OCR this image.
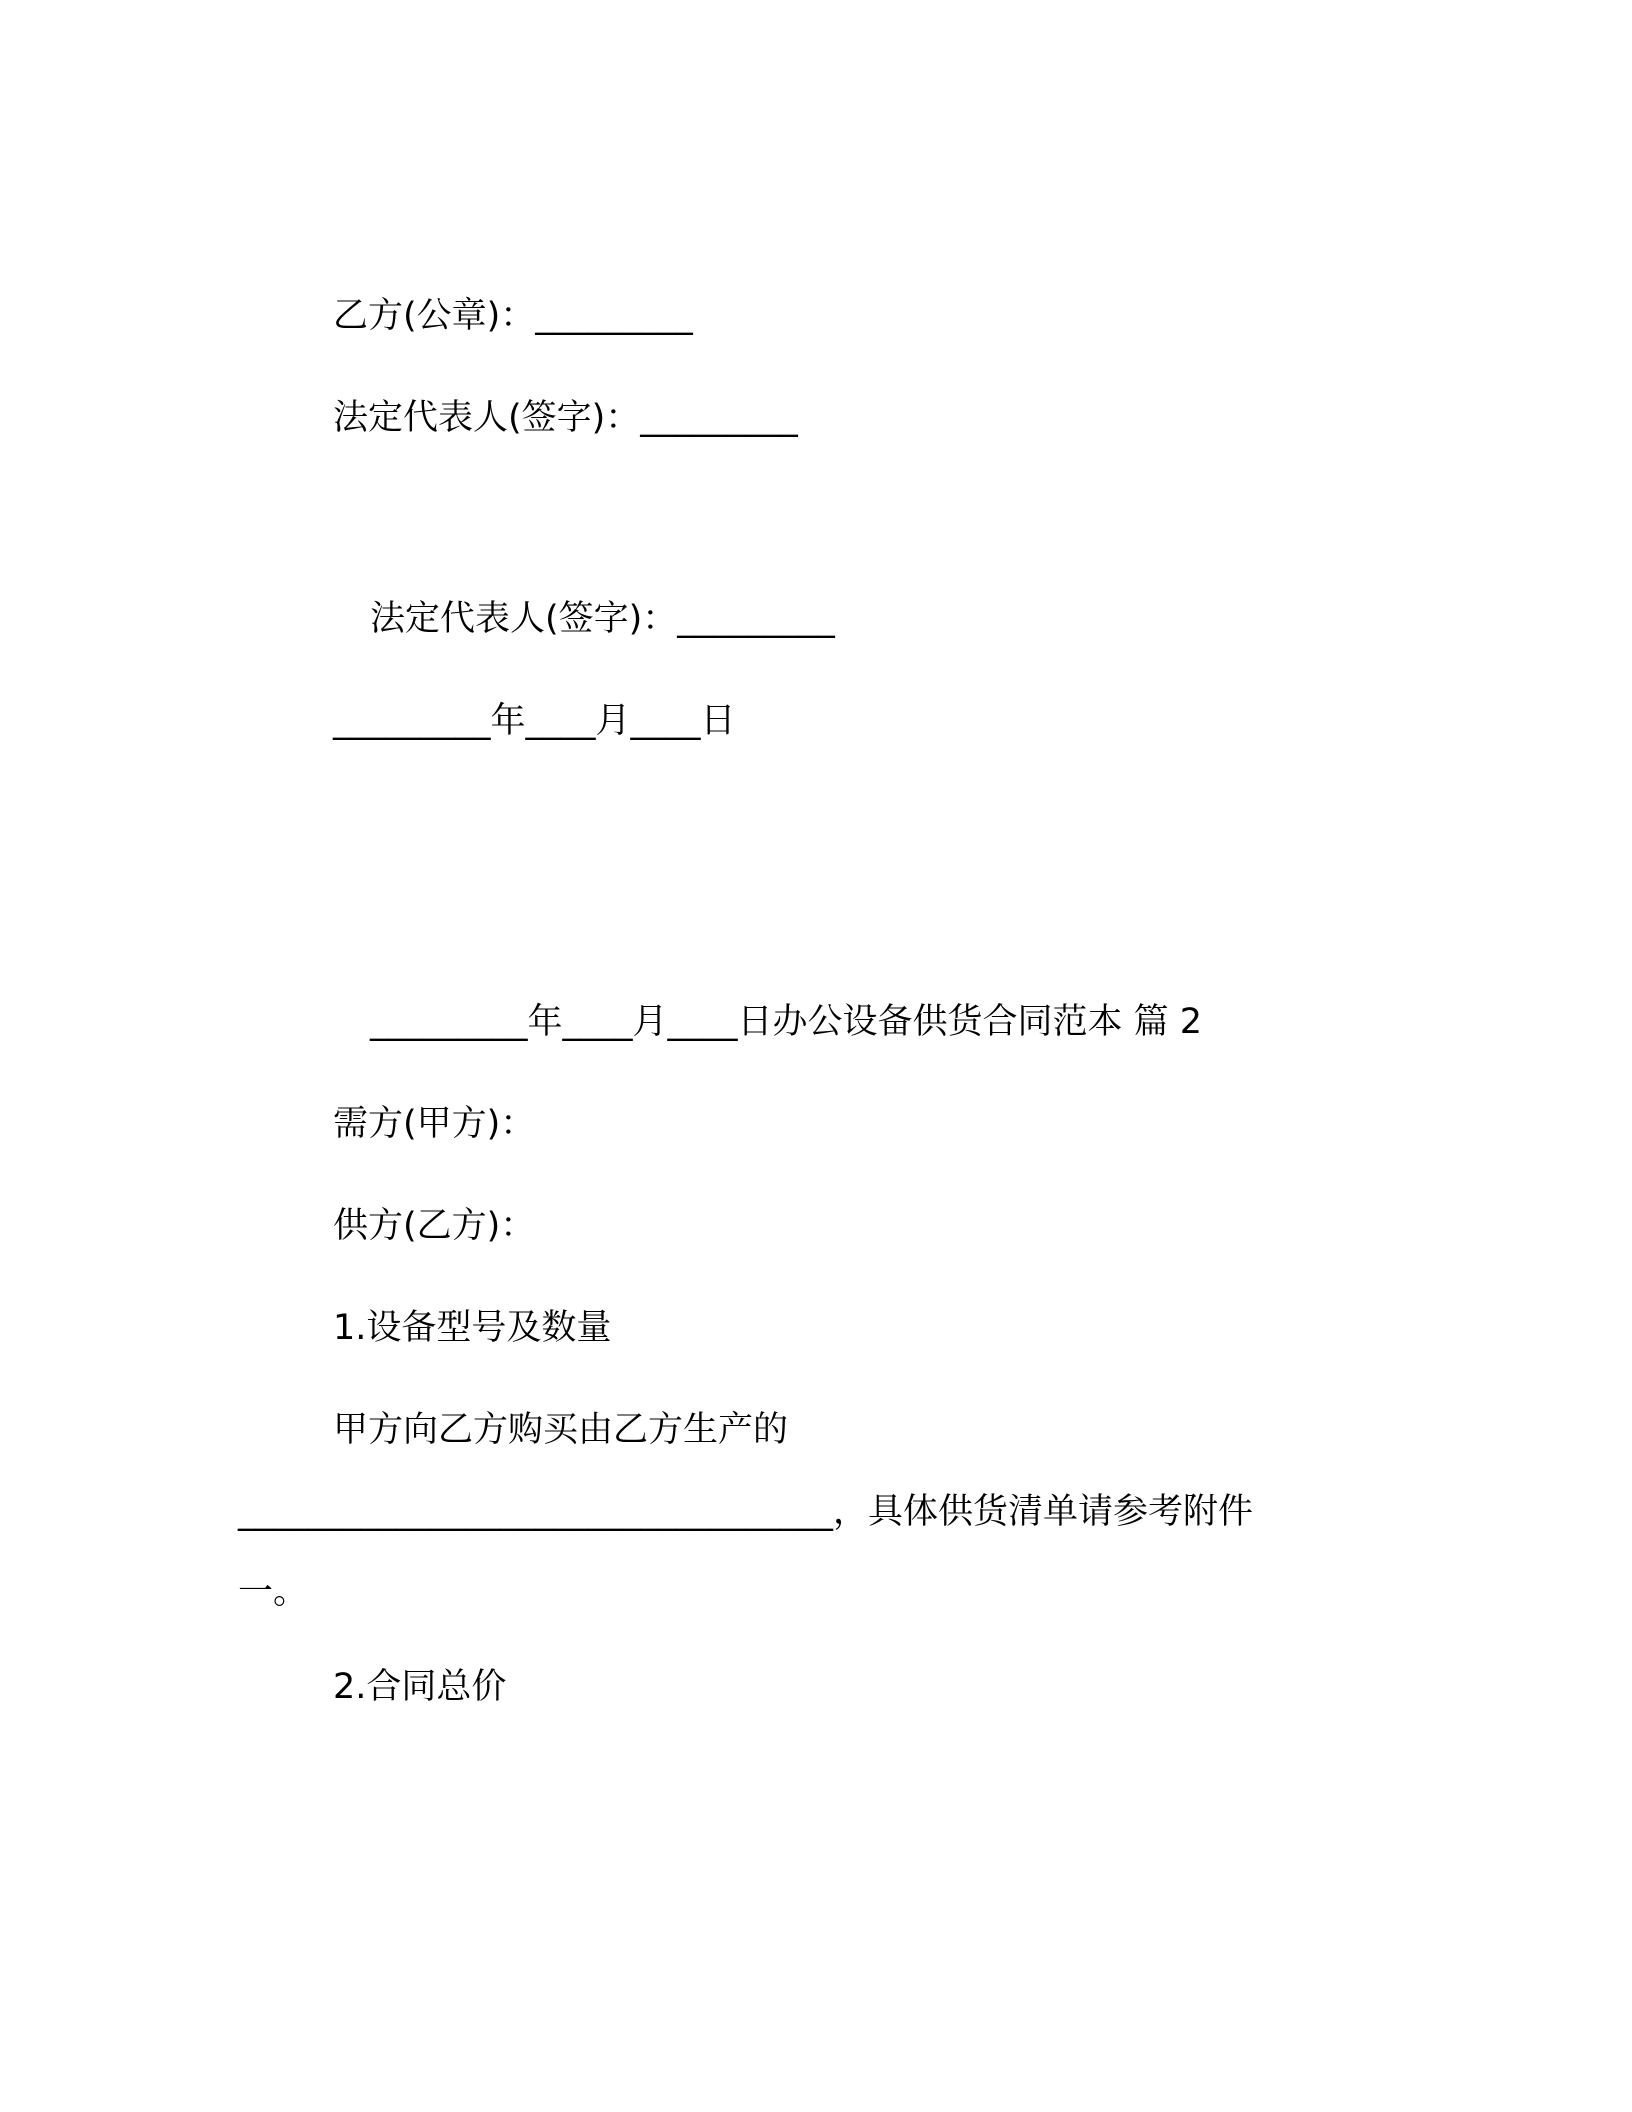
乙方(公章)：_________
法定代表人(签字)：_________
法定代表人(签字)：_________
_________年____月____日
_________年____月____日办公设备供货合同范本 篇 2
需方(甲方)：
供方(乙方)：
1.设备型号及数量
甲方向乙方购买由乙方生产的
__________________________________，具体供货清单请参考附件
一。
2.合同总价
